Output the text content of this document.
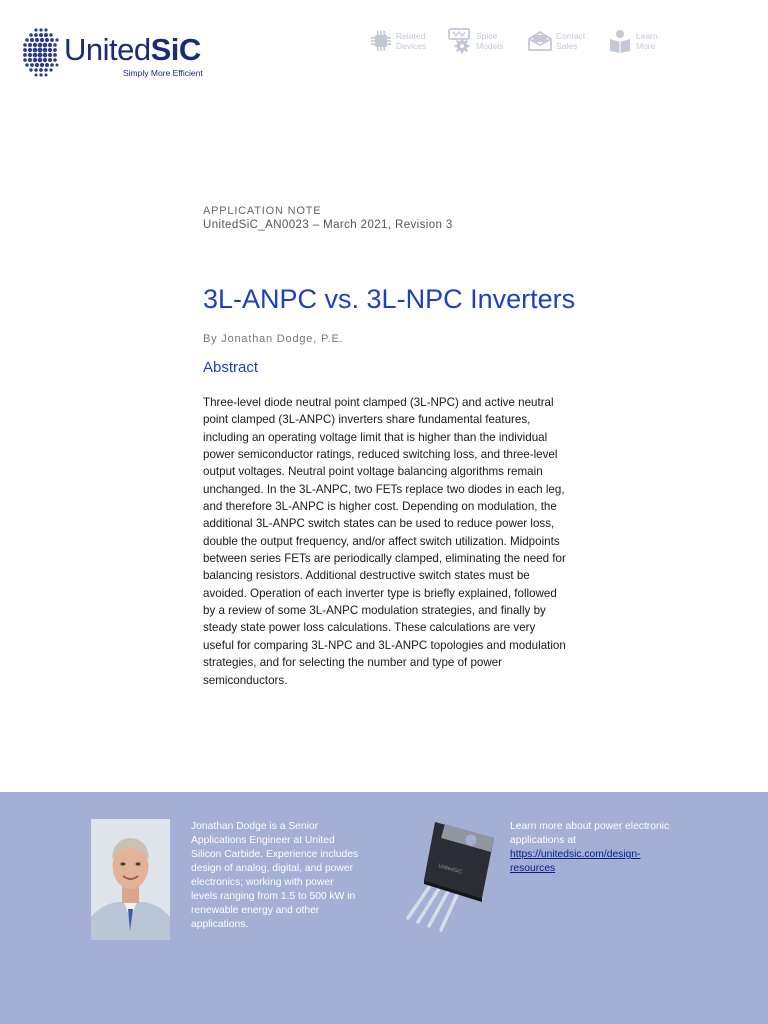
UnitedSiC
Simply More Efficient
Related
Devices
Spice
Models
Contact
Sales
Learn
More
APPLICATION NOTE
UnitedSiC_AN0023 – March 2021, Revision 3
3L-ANPC vs. 3L-NPC Inverters
By Jonathan Dodge, P.E.
Abstract

Three-level diode neutral point clamped (3L-NPC) and active neutral point clamped (3L-ANPC) inverters share fundamental features, including an operating voltage limit that is higher than the individual power semiconductor ratings, reduced switching loss, and three-level output voltages. Neutral point voltage balancing algorithms remain unchanged. In the 3L-ANPC, two FETs replace two diodes in each leg, and therefore 3L-ANPC is higher cost. Depending on modulation, the additional 3L-ANPC switch states can be used to reduce power loss, double the output frequency, and/or affect switch utilization. Midpoints between series FETs are periodically clamped, eliminating the need for balancing resistors. Additional destructive switch states must be avoided. Operation of each inverter type is briefly explained, followed by a review of some 3L-ANPC modulation strategies, and finally by steady state power loss calculations. These calculations are very useful for comparing 3L-NPC and 3L-ANPC topologies and modulation strategies, and for selecting the number and type of power semiconductors.

Jonathan Dodge is a Senior Applications Engineer at United Silicon Carbide. Experience includes design of analog, digital, and power electronics; working with power levels ranging from 1.5 to 500 kW in renewable energy and other applications.

UnitedSiC
Learn more about power electronic applications at https://unitedsic.com/design-resources
